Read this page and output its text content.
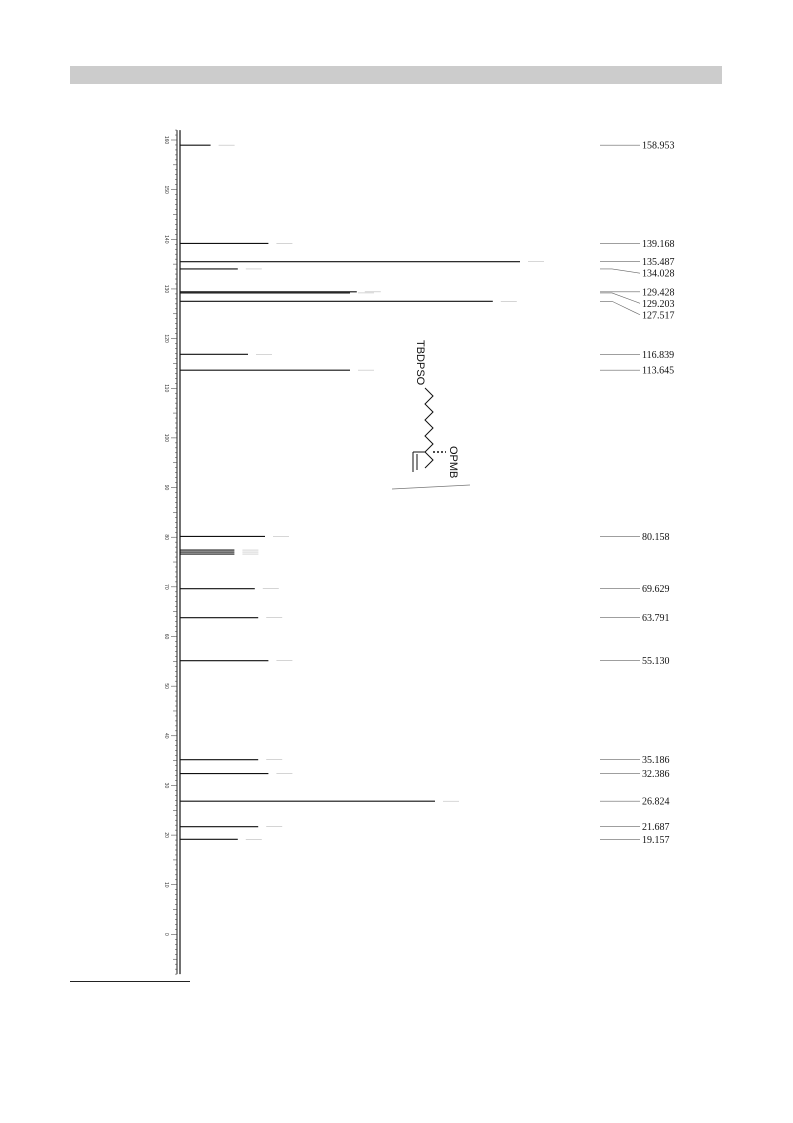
160
150
140
130
120
110
100
90
80
70
60
50
40
30
20
10
0
158.953
139.168
135.487
134.028
129.428
129.203
127.517
116.839
113.645
80.158
69.629
63.791
55.130
35.186
32.386
26.824
21.687
19.157
TBDPSO
OPMB
